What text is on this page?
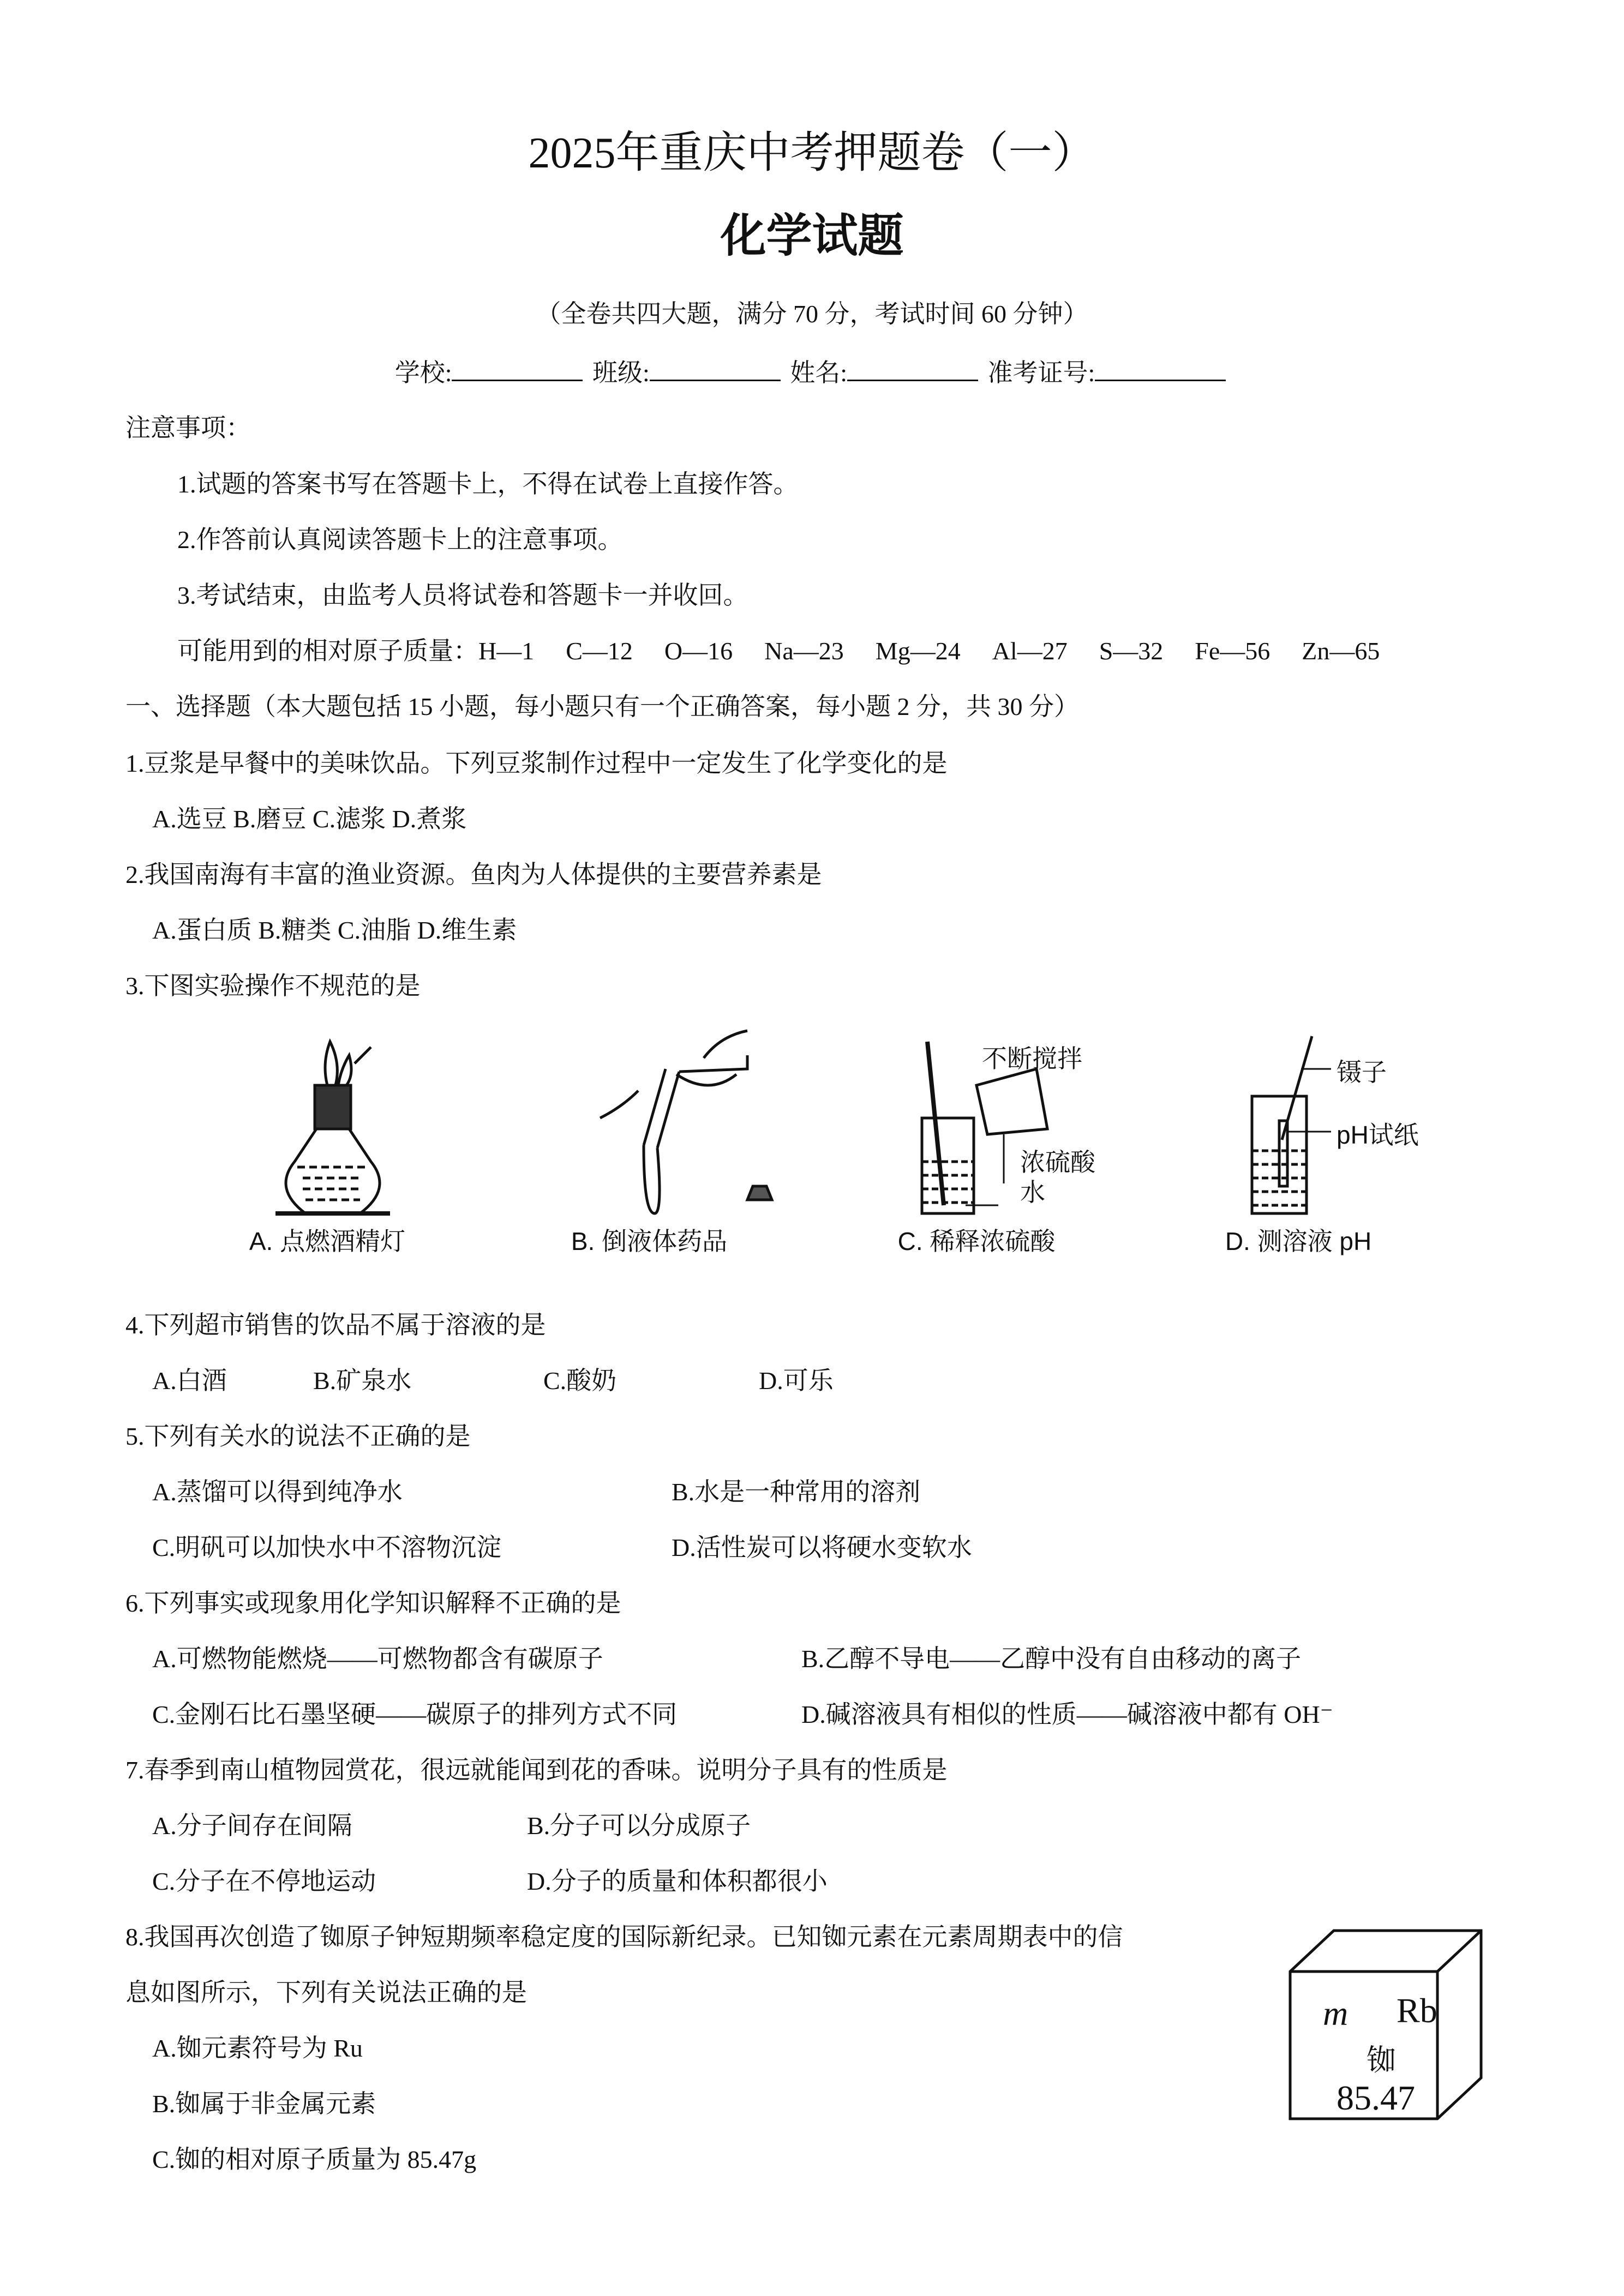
2025年重庆中考押题卷（一）
化学试题
（全卷共四大题，满分 70 分，考试时间 60 分钟）
学校:	班级:	姓名:	准考证号:
注意事项：
1.试题的答案书写在答题卡上，不得在试卷上直接作答。
2.作答前认真阅读答题卡上的注意事项。
3.考试结束，由监考人员将试卷和答题卡一并收回。
可能用到的相对原子质量：H—1 C—12 O—16 Na—23 Mg—24 Al—27 S—32 Fe—56 Zn—65
一、选择题（本大题包括 15 小题，每小题只有一个正确答案，每小题 2 分，共 30 分）
1.豆浆是早餐中的美味饮品。下列豆浆制作过程中一定发生了化学变化的是
A.选豆 B.磨豆 C.滤浆 D.煮浆
2.我国南海有丰富的渔业资源。鱼肉为人体提供的主要营养素是
A.蛋白质 B.糖类 C.油脂 D.维生素
3.下图实验操作不规范的是
不断搅拌
浓硫酸
水
镊子
pH试纸
A. 点燃酒精灯	B. 倒液体药品	C. 稀释浓硫酸	D. 测溶液 pH
4.下列超市销售的饮品不属于溶液的是
A.白酒	B.矿泉水	C.酸奶	D.可乐
5.下列有关水的说法不正确的是
A.蒸馏可以得到纯净水	B.水是一种常用的溶剂
C.明矾可以加快水中不溶物沉淀	D.活性炭可以将硬水变软水
6.下列事实或现象用化学知识解释不正确的是
A.可燃物能燃烧——可燃物都含有碳原子	B.乙醇不导电——乙醇中没有自由移动的离子
C.金刚石比石墨坚硬——碳原子的排列方式不同	D.碱溶液具有相似的性质——碱溶液中都有 OH⁻
7.春季到南山植物园赏花，很远就能闻到花的香味。说明分子具有的性质是
A.分子间存在间隔	B.分子可以分成原子
C.分子在不停地运动	D.分子的质量和体积都很小
8.我国再次创造了铷原子钟短期频率稳定度的国际新纪录。已知铷元素在元素周期表中的信
息如图所示，下列有关说法正确的是
A.铷元素符号为 Ru
B.铷属于非金属元素
C.铷的相对原子质量为 85.47g
m Rb
铷
85.47
